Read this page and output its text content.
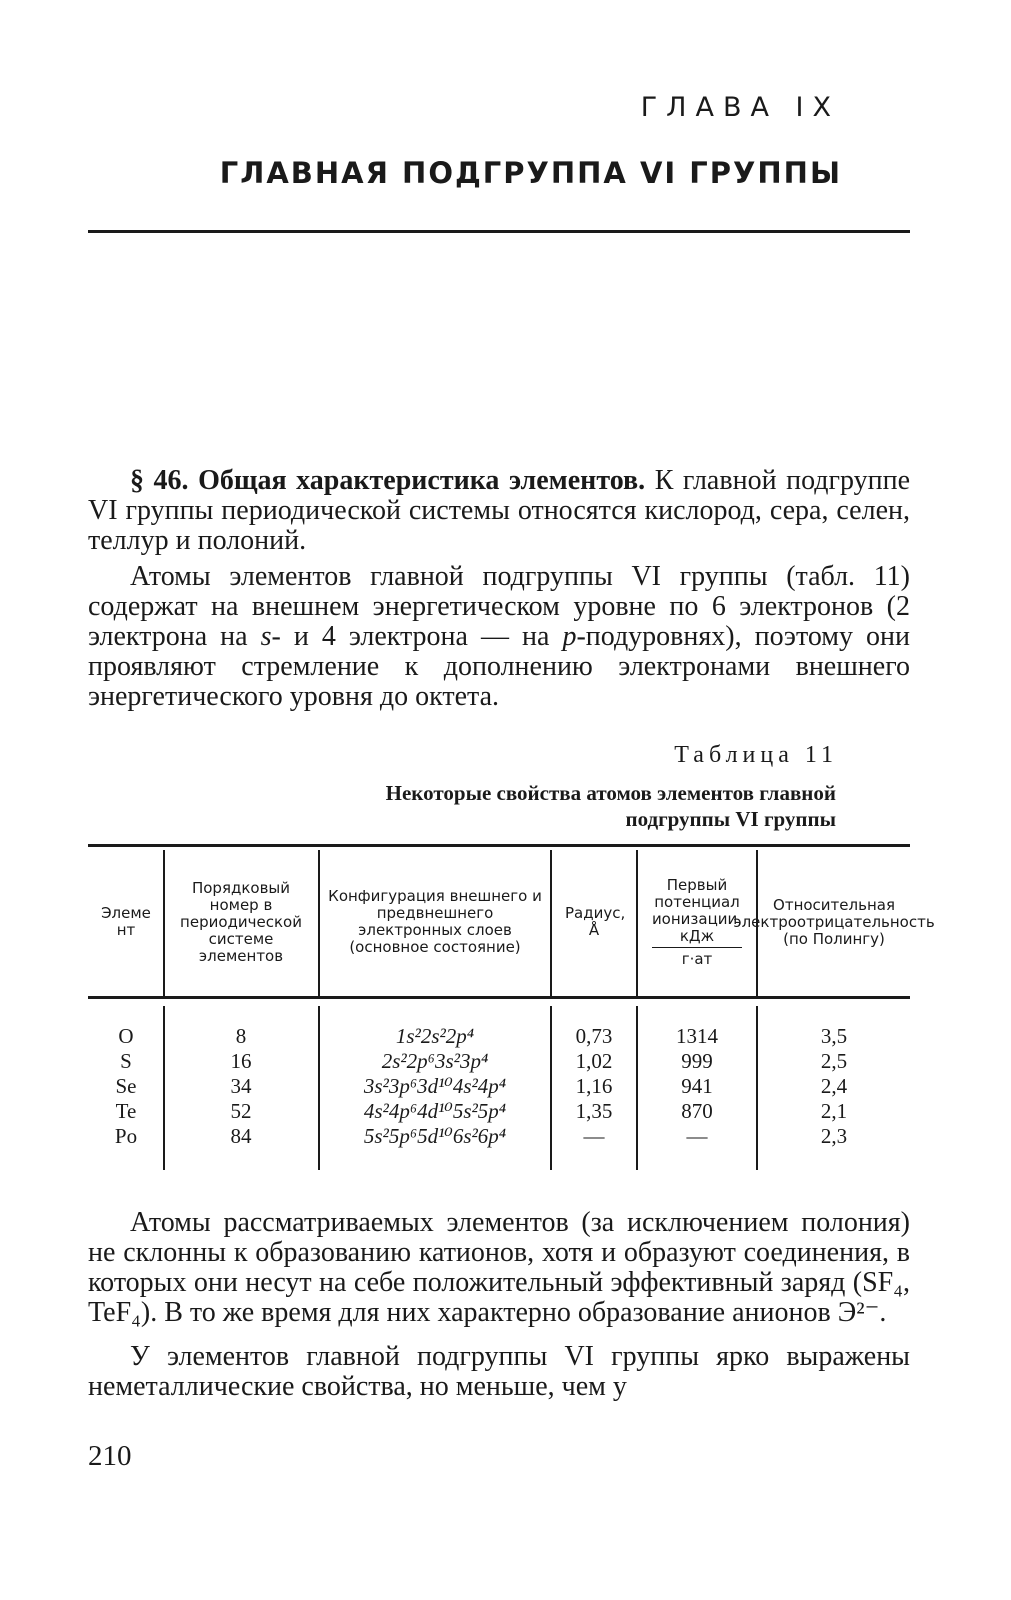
ГЛАВА IX
ГЛАВНАЯ ПОДГРУППА VI ГРУППЫ

§ 46. Общая характеристика элементов. К главной подгруппе VI группы периодической системы относятся кислород, сера, селен, теллур и полоний.

Атомы элементов главной подгруппы VI группы (табл. 11) содержат на внешнем энергетическом уровне по 6 электронов (2 электрона на s- и 4 электрона — на p-подуровнях), поэтому они проявляют стремление к дополнению электронами внешнего энергетического уровня до октета.

Таблица 11
Некоторые свойства атомов элементов главной
подгруппы VI группы
Элемент
Порядковый номер в периодической системе элементов
Конфигурация внешнего и предвнешнего электронных слоев (основное состояние)
Радиус, Å	$\frac{\text{Первый потенциал ионизации, кДж}}{г\cdot ат}$	Относительная электроотрицательность (по Полингу)
O
S
Se
Te
Po
8
16
34
52
84
1s²2s²2p⁴
2s²2p⁶3s²3p⁴
3s²3p⁶3d¹⁰4s²4p⁴
4s²4p⁶4d¹⁰5s²5p⁴
5s²5p⁶5d¹⁰6s²6p⁴
0,73
1,02
1,16
1,35
—
1314
999
941
870
—
3,5
2,5
2,4
2,1
2,3

Атомы рассматриваемых элементов (за исключением полония) не склонны к образованию катионов, хотя и образуют соединения, в которых они несут на себе положительный эффективный заряд (SF₄, TeF₄). В то же время для них характерно образование анионов Э²⁻.

У элементов главной подгруппы VI группы ярко выражены неметаллические свойства, но меньше, чем у

210
